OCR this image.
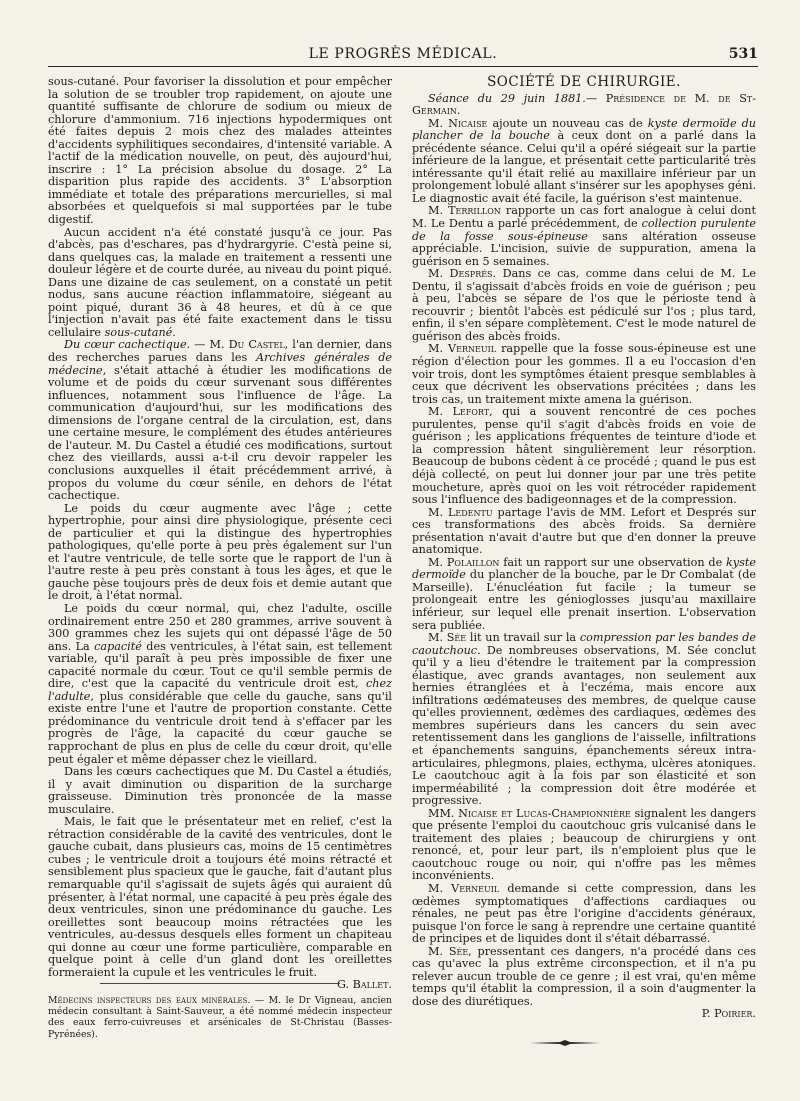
LE PROGRÈS MÉDICAL.	531

sous-cutané. Pour favoriser la dissolution et pour empêcher la solution de se troubler trop rapidement, on ajoute une quantité suffisante de chlorure de sodium ou mieux de chlorure d'ammonium. 716 injections hypodermiques ont été faites depuis 2 mois chez des malades atteintes d'accidents syphilitiques secondaires, d'intensité variable. A l'actif de la médication nouvelle, on peut, dès aujourd'hui, inscrire : 1° La précision absolue du dosage. 2° La disparition plus rapide des accidents. 3° L'absorption immédiate et totale des préparations mercurielles, si mal absorbées et quelquefois si mal supportées par le tube digestif.

Aucun accident n'a été constaté jusqu'à ce jour. Pas d'abcès, pas d'eschares, pas d'hydrargyrie. C'està peine si, dans quelques cas, la malade en traitement a ressenti une douleur légère et de courte durée, au niveau du point piqué. Dans une dizaine de cas seulement, on a constaté un petit nodus, sans aucune réaction inflammatoire, siégeant au point piqué, durant 36 à 48 heures, et dû à ce que l'injection n'avait pas été faite exactement dans le tissu cellulaire sous-cutané.

Du cœur cachectique. — M. Du Castel, l'an dernier, dans des recherches parues dans les Archives générales de médecine, s'était attaché à étudier les modifications de volume et de poids du cœur survenant sous différentes influences, notamment sous l'influence de l'âge. La communication d'aujourd'hui, sur les modifications des dimensions de l'organe central de la circulation, est, dans une certaine mesure, le complément des études antérieures de l'auteur. M. Du Castel a étudié ces modifications, surtout chez des vieillards, aussi a-t-il cru devoir rappeler les conclusions auxquelles il était précédemment arrivé, à propos du volume du cœur sénile, en dehors de l'état cachectique.

Le poids du cœur augmente avec l'âge ; cette hypertrophie, pour ainsi dire physiologique, présente ceci de particulier et qui la distingue des hypertrophies pathologiques, qu'elle porte à peu près également sur l'un et l'autre ventricule, de telle sorte que le rapport de l'un à l'autre reste à peu près constant à tous les âges, et que le gauche pèse toujours près de deux fois et demie autant que le droit, à l'état normal.

Le poids du cœur normal, qui, chez l'adulte, oscille ordinairement entre 250 et 280 grammes, arrive souvent à 300 grammes chez les sujets qui ont dépassé l'âge de 50 ans. La capacité des ventricules, à l'état sain, est tellement variable, qu'il paraît à peu près impossible de fixer une capacité normale du cœur. Tout ce qu'il semble permis de dire, c'est que la capacité du ventricule droit est, chez l'adulte, plus considérable que celle du gauche, sans qu'il existe entre l'une et l'autre de proportion constante. Cette prédominance du ventricule droit tend à s'effacer par les progrès de l'âge, la capacité du cœur gauche se rapprochant de plus en plus de celle du cœur droit, qu'elle peut égaler et même dépasser chez le vieillard.

Dans les cœurs cachectiques que M. Du Castel a étudiés, il y avait diminution ou disparition de la surcharge graisseuse. Diminution très prononcée de la masse musculaire.

Mais, le fait que le présentateur met en relief, c'est la rétraction considérable de la cavité des ventricules, dont le gauche cubait, dans plusieurs cas, moins de 15 centimètres cubes ; le ventricule droit a toujours été moins rétracté et sensiblement plus spacieux que le gauche, fait d'autant plus remarquable qu'il s'agissait de sujets âgés qui auraient dû présenter, à l'état normal, une capacité à peu près égale des deux ventricules, sinon une prédominance du gauche. Les oreillettes sont beaucoup moins rétractées que les ventricules, au-dessus desquels elles forment un chapiteau qui donne au cœur une forme particulière, comparable en quelque point à celle d'un gland dont les oreillettes formeraient la cupule et les ventricules le fruit.
G. Ballet.

Médecins inspecteurs des eaux minérales. — M. le Dr Vigneau, ancien médecin consultant à Saint-Sauveur, a été nommé médecin inspecteur des eaux ferro-cuivreuses et arsénicales de St-Christau (Basses-Pyrénées).
SOCIÉTÉ DE CHIRURGIE.

Séance du 29 juin 1881.— Présidence de M. de St-Germain.

M. Nicaise ajoute un nouveau cas de kyste dermoïde du plancher de la bouche à ceux dont on a parlé dans la précédente séance. Celui qu'il a opéré siégeait sur la partie inférieure de la langue, et présentait cette particularité très intéressante qu'il était relié au maxillaire inférieur par un prolongement lobulé allant s'insérer sur les apophyses géni. Le diagnostic avait été facile, la guérison s'est maintenue.

M. Terrillon rapporte un cas fort analogue à celui dont M. Le Dentu a parlé précédemment, de collection purulente de la fosse sous-épineuse sans altération osseuse appréciable. L'incision, suivie de suppuration, amena la guérison en 5 semaines.

M. Després. Dans ce cas, comme dans celui de M. Le Dentu, il s'agissait d'abcès froids en voie de guérison ; peu à peu, l'abcès se sépare de l'os que le périoste tend à recouvrir ; bientôt l'abcès est pédiculé sur l'os ; plus tard, enfin, il s'en sépare complètement. C'est le mode naturel de guérison des abcès froids.

M. Verneuil rappelle que la fosse sous-épineuse est une région d'élection pour les gommes. Il a eu l'occasion d'en voir trois, dont les symptômes étaient presque semblables à ceux que décrivent les observations précitées ; dans les trois cas, un traitement mixte amena la guérison.

M. Lefort, qui a souvent rencontré de ces poches purulentes, pense qu'il s'agit d'abcès froids en voie de guérison ; les applications fréquentes de teinture d'iode et la compression hâtent singulièrement leur résorption. Beaucoup de bubons cèdent à ce procédé ; quand le pus est déjà collecté, on peut lui donner jour par une très petite moucheture, après quoi on les voit rétrocéder rapidement sous l'influence des badigeonnages et de la compression.

M. Ledentu partage l'avis de MM. Lefort et Després sur ces transformations des abcès froids. Sa dernière présentation n'avait d'autre but que d'en donner la preuve anatomique.

M. Polaillon fait un rapport sur une observation de kyste dermoïde du plancher de la bouche, par le Dr Combalat (de Marseille). L'énucléation fut facile ; la tumeur se prolongeait entre les génioglosses jusqu'au maxillaire inférieur, sur lequel elle prenait insertion. L'observation sera publiée.

M. Sée lit un travail sur la compression par les bandes de caoutchouc. De nombreuses observations, M. Sée conclut qu'il y a lieu d'étendre le traitement par la compression élastique, avec grands avantages, non seulement aux hernies étranglées et à l'eczéma, mais encore aux infiltrations œdémateuses des membres, de quelque cause qu'elles proviennent, œdèmes des cardiaques, œdèmes des membres supérieurs dans les cancers du sein avec retentissement dans les ganglions de l'aisselle, infiltrations et épanchements sanguins, épanchements séreux intra-articulaires, phlegmons, plaies, ecthyma, ulcères atoniques. Le caoutchouc agit à la fois par son élasticité et son imperméabilité ; la compression doit être modérée et progressive.

MM. Nicaise et Lucas-Championnière signalent les dangers que présente l'emploi du caoutchouc gris vulcanisé dans le traitement des plaies ; beaucoup de chirurgiens y ont renoncé, et, pour leur part, ils n'emploient plus que le caoutchouc rouge ou noir, qui n'offre pas les mêmes inconvénients.

M. Verneuil demande si cette compression, dans les œdèmes symptomatiques d'affections cardiaques ou rénales, ne peut pas être l'origine d'accidents généraux, puisque l'on force le sang à reprendre une certaine quantité de principes et de liquides dont il s'était débarrassé.

M. Sée, pressentant ces dangers, n'a procédé dans ces cas qu'avec la plus extrême circonspection, et il n'a pu relever aucun trouble de ce genre ; il est vrai, qu'en même temps qu'il établit la compression, il a soin d'augmenter la dose des diurétiques.
P. Poirier.
